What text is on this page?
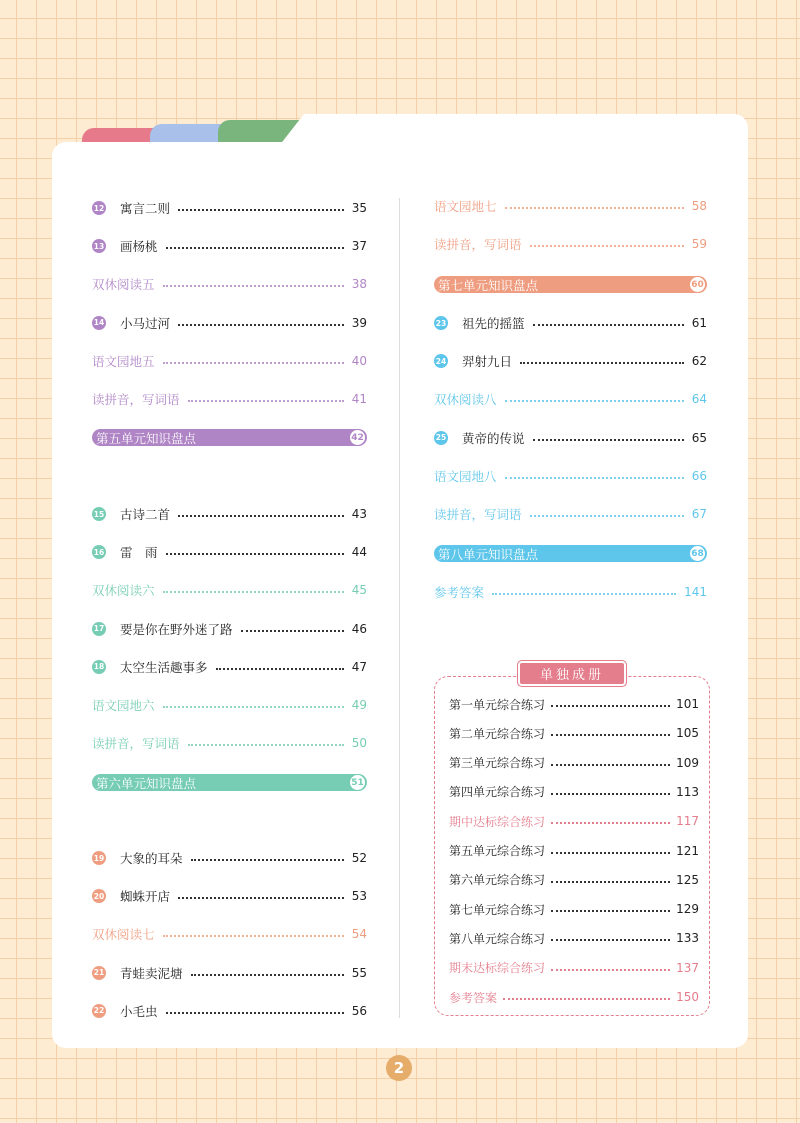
12 寓言二则	35
13 画杨桃	37
双休阅读五	38
14 小马过河	39
语文园地五	40
读拼音，写词语	41
第五单元知识盘点	42
15 古诗二首	43
16 雷　雨	44
双休阅读六	45
17 要是你在野外迷了路	46
18 太空生活趣事多	47
语文园地六	49
读拼音，写词语	50
第六单元知识盘点	51
19 大象的耳朵	52
20 蜘蛛开店	53
双休阅读七	54
21 青蛙卖泥塘	55
22 小毛虫	56
语文园地七	58
读拼音，写词语	59
第七单元知识盘点	60
23 祖先的摇篮	61
24 羿射九日	62
双休阅读八	64
25 黄帝的传说	65
语文园地八	66
读拼音，写词语	67
第八单元知识盘点	68
参考答案	141
单独成册
2
第一单元综合练习	101
第二单元综合练习	105
第三单元综合练习	109
第四单元综合练习	113
期中达标综合练习	117
第五单元综合练习	121
第六单元综合练习	125
第七单元综合练习	129
第八单元综合练习	133
期末达标综合练习	137
参考答案	150
